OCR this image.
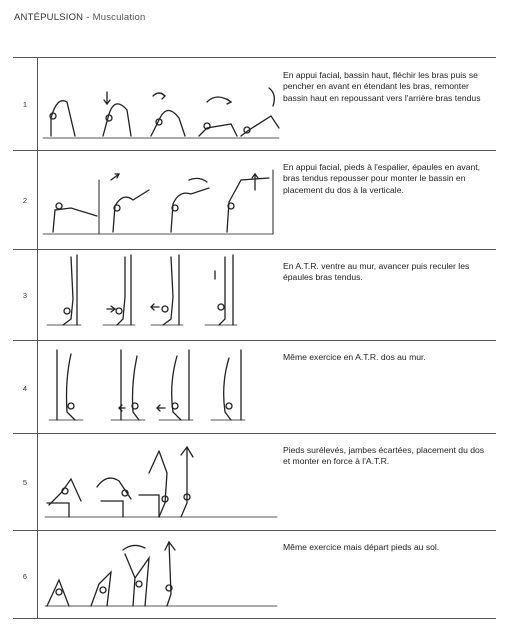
ANTÉPULSION - Musculation
1
En appui facial, bassin haut, fléchir les bras puis se pencher en avant en étendant les bras, remonter bassin haut en repoussant vers l'arrière bras tendus
2
En appui facial, pieds à l'espalier, épaules en avant, bras tendus repousser pour monter le bassin en placement du dos à la verticale.
3
En A.T.R. ventre au mur, avancer puis reculer les épaules bras tendus.
4
Même exercice en A.T.R. dos au mur.
5
Pieds surélevés, jambes écartées, placement du dos et monter en force à l'A.T.R.
6
Même exercice mais départ pieds au sol.
